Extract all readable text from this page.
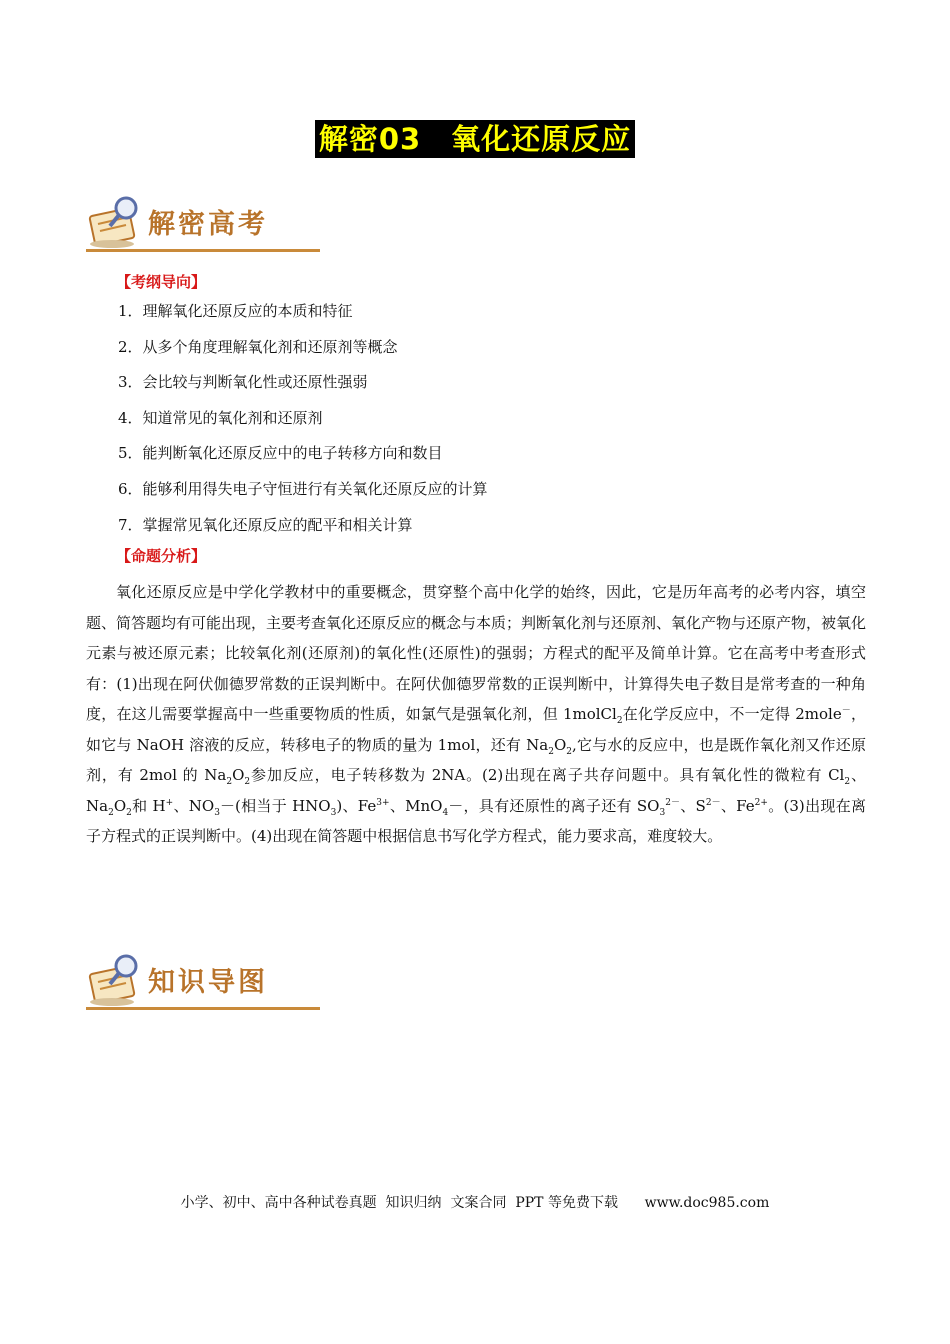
解密03　氧化还原反应
解密高考
【考纲导向】
1．理解氧化还原反应的本质和特征
2．从多个角度理解氧化剂和还原剂等概念
3．会比较与判断氧化性或还原性强弱
4．知道常见的氧化剂和还原剂
5．能判断氧化还原反应中的电子转移方向和数目
6．能够利用得失电子守恒进行有关氧化还原反应的计算
7．掌握常见氧化还原反应的配平和相关计算
【命题分析】

氧化还原反应是中学化学教材中的重要概念，贯穿整个高中化学的始终，因此，它是历年高考的必考内容，填空题、简答题均有可能出现，主要考查氧化还原反应的概念与本质；判断氧化剂与还原剂、氧化产物与还原产物，被氧化元素与被还原元素；比较氧化剂(还原剂)的氧化性(还原性)的强弱；方程式的配平及简单计算。它在高考中考查形式有：(1)出现在阿伏伽德罗常数的正误判断中。在阿伏伽德罗常数的正误判断中，计算得失电子数目是常考查的一种角度，在这儿需要掌握高中一些重要物质的性质，如氯气是强氧化剂，但 1molCl$_2$在化学反应中，不一定得 2mole－，如它与 NaOH 溶液的反应，转移电子的物质的量为 1mol，还有 $Na_2O_2$,它与水的反应中，也是既作氧化剂又作还原剂，有 2mol 的 $Na_2O_2$参加反应，电子转移数为 2NA。(2)出现在离子共存问题中。具有氧化性的微粒有 $Cl_2$、$Na_2O_2$和 H+、$NO_3-$(相当于 $HNO_3$)、$Fe^{3+}$、MnO$_4$－，具有还原性的离子还有 $SO_3^{2-}$、$S^{2-}$、$Fe^{2+}$。(3)出现在离子方程式的正误判断中。(4)出现在简答题中根据信息书写化学方程式，能力要求高，难度较大。

知识导图
小学、初中、高中各种试卷真题  知识归纳  文案合同  PPT 等免费下载      www.doc985.com
